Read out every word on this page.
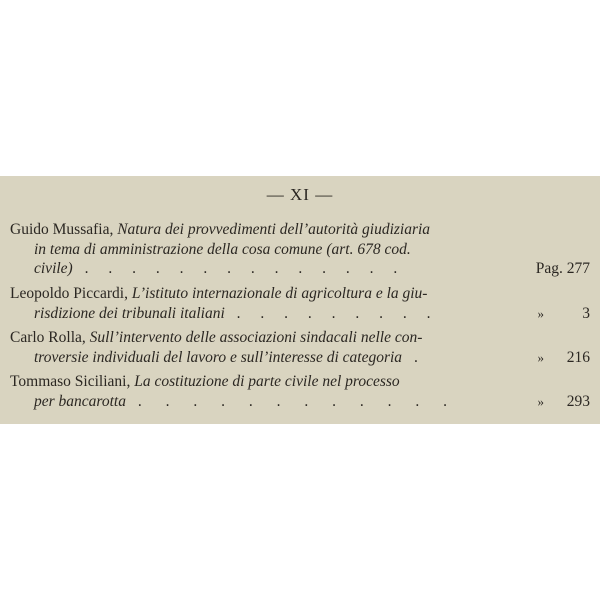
— XI —
Guido Mussafia, Natura dei provvedimenti dell’autorità giudiziaria
in tema di amministrazione della cosa comune (art. 678 cod.
civile) . . . . . . . . . . . . . .	Pag. 277
Leopoldo Piccardi, L’istituto internazionale di agricoltura e la giu-
risdizione dei tribunali italiani . . . . . . . . .	» 3
Carlo Rolla, Sull’intervento delle associazioni sindacali nelle con-
troversie individuali del lavoro e sull’interesse di categoria .	» 216
Tommaso Siciliani, La costituzione di parte civile nel processo
per bancarotta . . . . . . . . . . . .	» 293
